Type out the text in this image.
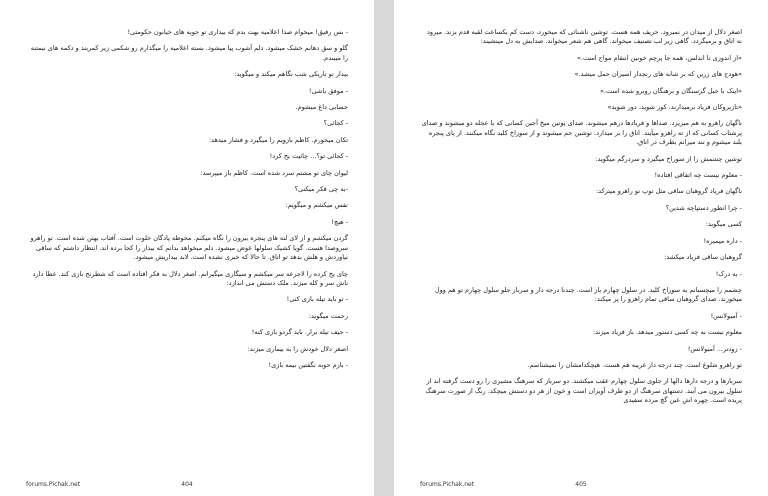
- بس رفیق! میخوام صدا اعلامیه بهت بدم که بیداری تو حوبه های خیابون حکومتی!

گلو و سق دهانم خشک میشود. دلم آشوب پیا میشود. بسته اعلامیه را میگذارم رو شکمی زیر کمربند و دکمه های نیمتنه را میبندم.

بیدار تو تاریکی شب نگاهم میکند و میگوید:

- موفق باشی!

حسابی داغ میشوم.

- کجائی؟

تکان میخورم. کاظم بازویم را میگیرد و فشار میدهد:

- کجائی تو؟... چائیت یخ کرد!

لیوان چای تو مشتم سرد شده است. کاظم باز میپرسد:

-به چی فکر میکنی؟

نفس میکشم و میگویم:

- هیچ!

گردن میکشم و از لای لته های پنجره بیرون را نگاه میکنم. محوطه پادگان خلوت است. آفتاب بهتن شده است. تو راهرو سروصدا هست. گویا کشیک سلولها عوض میشود. دلم میخواهد بدانم که بیدار را کجا برده اند. انتظار داشتم که ساقی نیاوردش و هلش بدهد تو اتاق. تا حالا که خبری نشده است. لابد بیداریش میشود.

چای یخ کرده را لاجرعه سر میکشم و سیگاری میگیرانم. اصغر دلال به فکر افتاده است که شطرنج بازی کند. عطا دارد ناش سر و کله میزند. ملک دستش می اندازد:

- تو باید تیله بازی کنی!

رحمت میگوید:

- حیف تیله برار. باید گردو بازی کنه!

اصغر دلال خودش را به بیماری میزند:

- بازم حوبه نگفتین بیمه بازی!

forums.Pichak.net	404

اصغر دلال از میدان در نمیرود. حریف همه هست. توشین ناشناتی که میخورد، دست کم بکساعت لقبه قدم بزند. میرود نه اتاق و برمیگردد. گاهی زیر لب تصنیف میخواند. گاهی هم شعر میخواند. صدایش به دل مینشیند:

«از اندوزی تا اندلس، همه جا پرچم خونین انتقام مواج است.»

«هودج های زرین که بر شانه های رنجدار اسیران حمل میشد.»

«اینک با حبل گرسنگان و برهنگان روبرو شده است.»

«تازیروکان فریاد برمیدارند، کور شوید، دور شوید»

ناگهان راهرو به هم میریزد. صداها و فریادها درهم میشوند. صدای پوتین میخ آجین کسانی که با عجله دو میشوند و صدای پرشتاب کسانی که از ته راهرو میآیند. اتاق را بر میدارد. توشین حم میشوند و از سوراخ کلید نگاه میکنند. از پای پنجره بلند میشوم و تند میرانم بطرف در اتاق.

توشین چشمش را از سوراخ میگیرد و سردرگم میگوید:

- معلوم نیست چه اتفاقی افتاده!

ناگهان فریاد گروهبان ساقی مثل توپ تو راهرو میترکد:

- چرا انطور دستپاچه شدین؟

کسی میگوید:

- داره میمیره!

گروهبان ساقی فریاد میکشد:

- به درک!

چشمم را میچسبانم به سوراخ کلید. در سلول چهارم باز است. چندتا درجه دار و سرباز جلو سلول چهارم تو هم وول میخورند. صدای گروهبان ساقی تمام راهرو را پر میکند:

- آمبولانس!

معلوم نیست به چه کسی دستور میدهد. باز فریاد میزند:

- زودتر... آمبولانس!

تو راهرو شلوغ است. چند درجه دار غریبه هم هست. هیچکدامشان را نمیشناسم.

سربازها و درجه دارها دالها از جلوی سلول چهارم عقب میکشند. دو سرباز که سرهنگ مشیری را رو دست گرفته اند از سلول بیرون می آیند. دستهای سرهنگ از دو طرف آویزان است و خون از هر دو دستش میچکد. رنگ از صورت سرهنگ پریده است. چهره اش عین گچ مرده سفیدی

forums.Pichak.net	405
